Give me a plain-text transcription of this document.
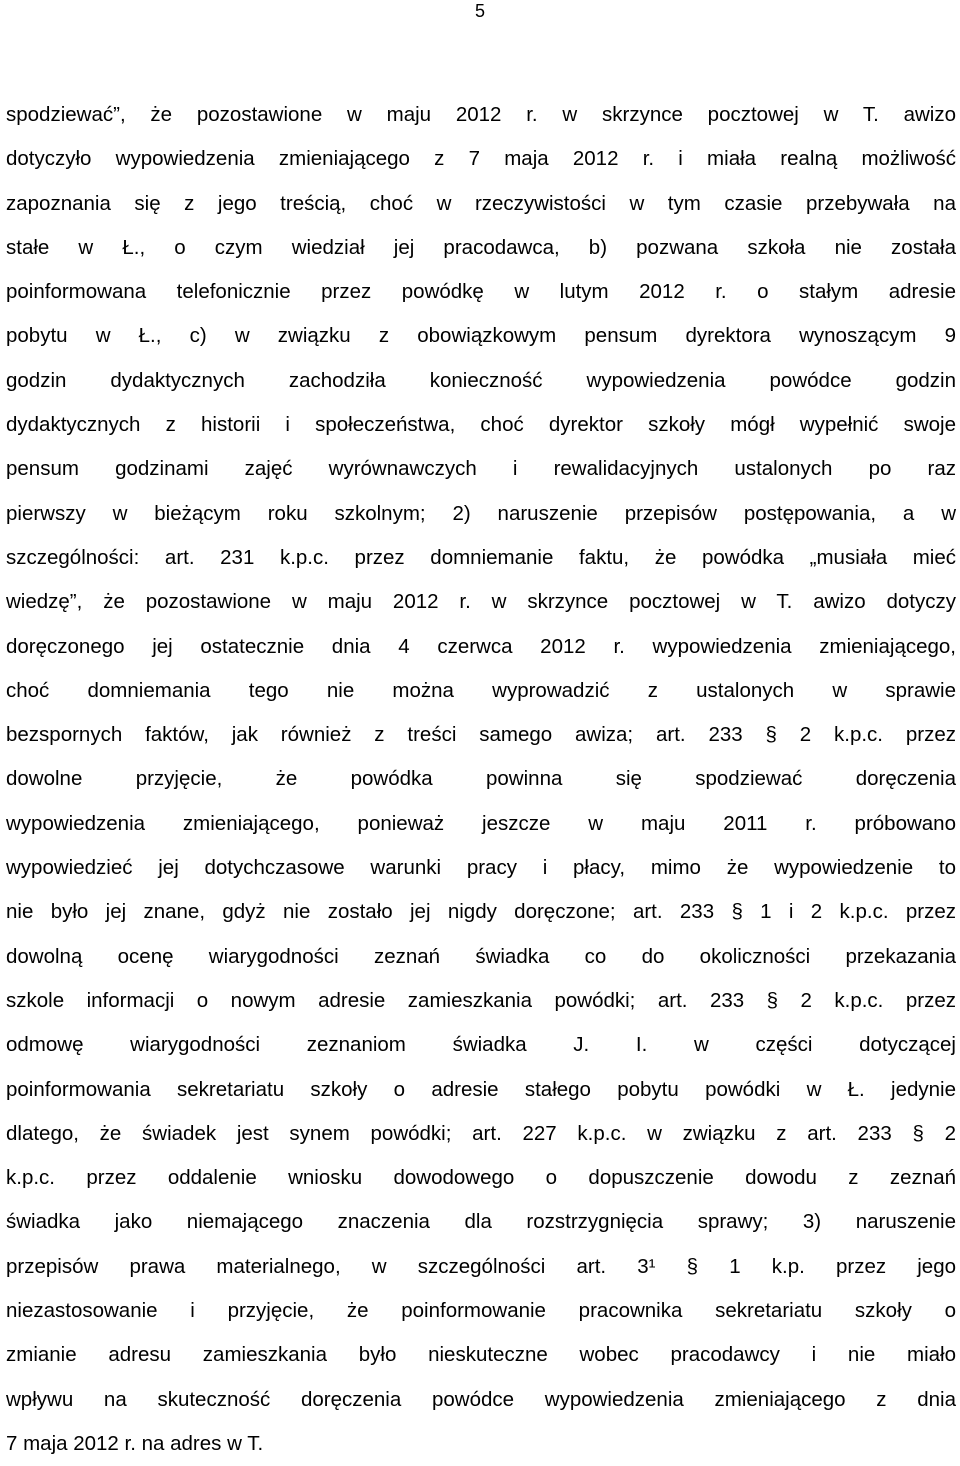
5
spodziewać”, że pozostawione w maju 2012 r. w skrzynce pocztowej w T. awizo
dotyczyło wypowiedzenia zmieniającego z 7 maja 2012 r. i miała realną możliwość
zapoznania się z jego treścią, choć w rzeczywistości w tym czasie przebywała na
stałe w Ł., o czym wiedział jej pracodawca, b) pozwana szkoła nie została
poinformowana telefonicznie przez powódkę w lutym 2012 r. o stałym adresie
pobytu w Ł., c) w związku z obowiązkowym pensum dyrektora wynoszącym 9
godzin dydaktycznych zachodziła konieczność wypowiedzenia powódce godzin
dydaktycznych z historii i społeczeństwa, choć dyrektor szkoły mógł wypełnić swoje
pensum godzinami zajęć wyrównawczych i rewalidacyjnych ustalonych po raz
pierwszy w bieżącym roku szkolnym; 2) naruszenie przepisów postępowania, a w
szczególności: art. 231 k.p.c. przez domniemanie faktu, że powódka „musiała mieć
wiedzę”, że pozostawione w maju 2012 r. w skrzynce pocztowej w T. awizo dotyczy
doręczonego jej ostatecznie dnia 4 czerwca 2012 r. wypowiedzenia zmieniającego,
choć domniemania tego nie można wyprowadzić z ustalonych w sprawie
bezspornych faktów, jak również z treści samego awiza; art. 233 § 2 k.p.c. przez
dowolne przyjęcie, że powódka powinna się spodziewać doręczenia
wypowiedzenia zmieniającego, ponieważ jeszcze w maju 2011 r. próbowano
wypowiedzieć jej dotychczasowe warunki pracy i płacy, mimo że wypowiedzenie to
nie było jej znane, gdyż nie zostało jej nigdy doręczone; art. 233 § 1 i 2 k.p.c. przez
dowolną ocenę wiarygodności zeznań świadka co do okoliczności przekazania
szkole informacji o nowym adresie zamieszkania powódki; art. 233 § 2 k.p.c. przez
odmowę wiarygodności zeznaniom świadka J. I. w części dotyczącej
poinformowania sekretariatu szkoły o adresie stałego pobytu powódki w Ł. jedynie
dlatego, że świadek jest synem powódki; art. 227 k.p.c. w związku z art. 233 § 2
k.p.c. przez oddalenie wniosku dowodowego o dopuszczenie dowodu z zeznań
świadka jako niemającego znaczenia dla rozstrzygnięcia sprawy; 3) naruszenie
przepisów prawa materialnego, w szczególności art. 3¹ § 1 k.p. przez jego
niezastosowanie i przyjęcie, że poinformowanie pracownika sekretariatu szkoły o
zmianie adresu zamieszkania było nieskuteczne wobec pracodawcy i nie miało
wpływu na skuteczność doręczenia powódce wypowiedzenia zmieniającego z dnia
7 maja 2012 r. na adres w T.
